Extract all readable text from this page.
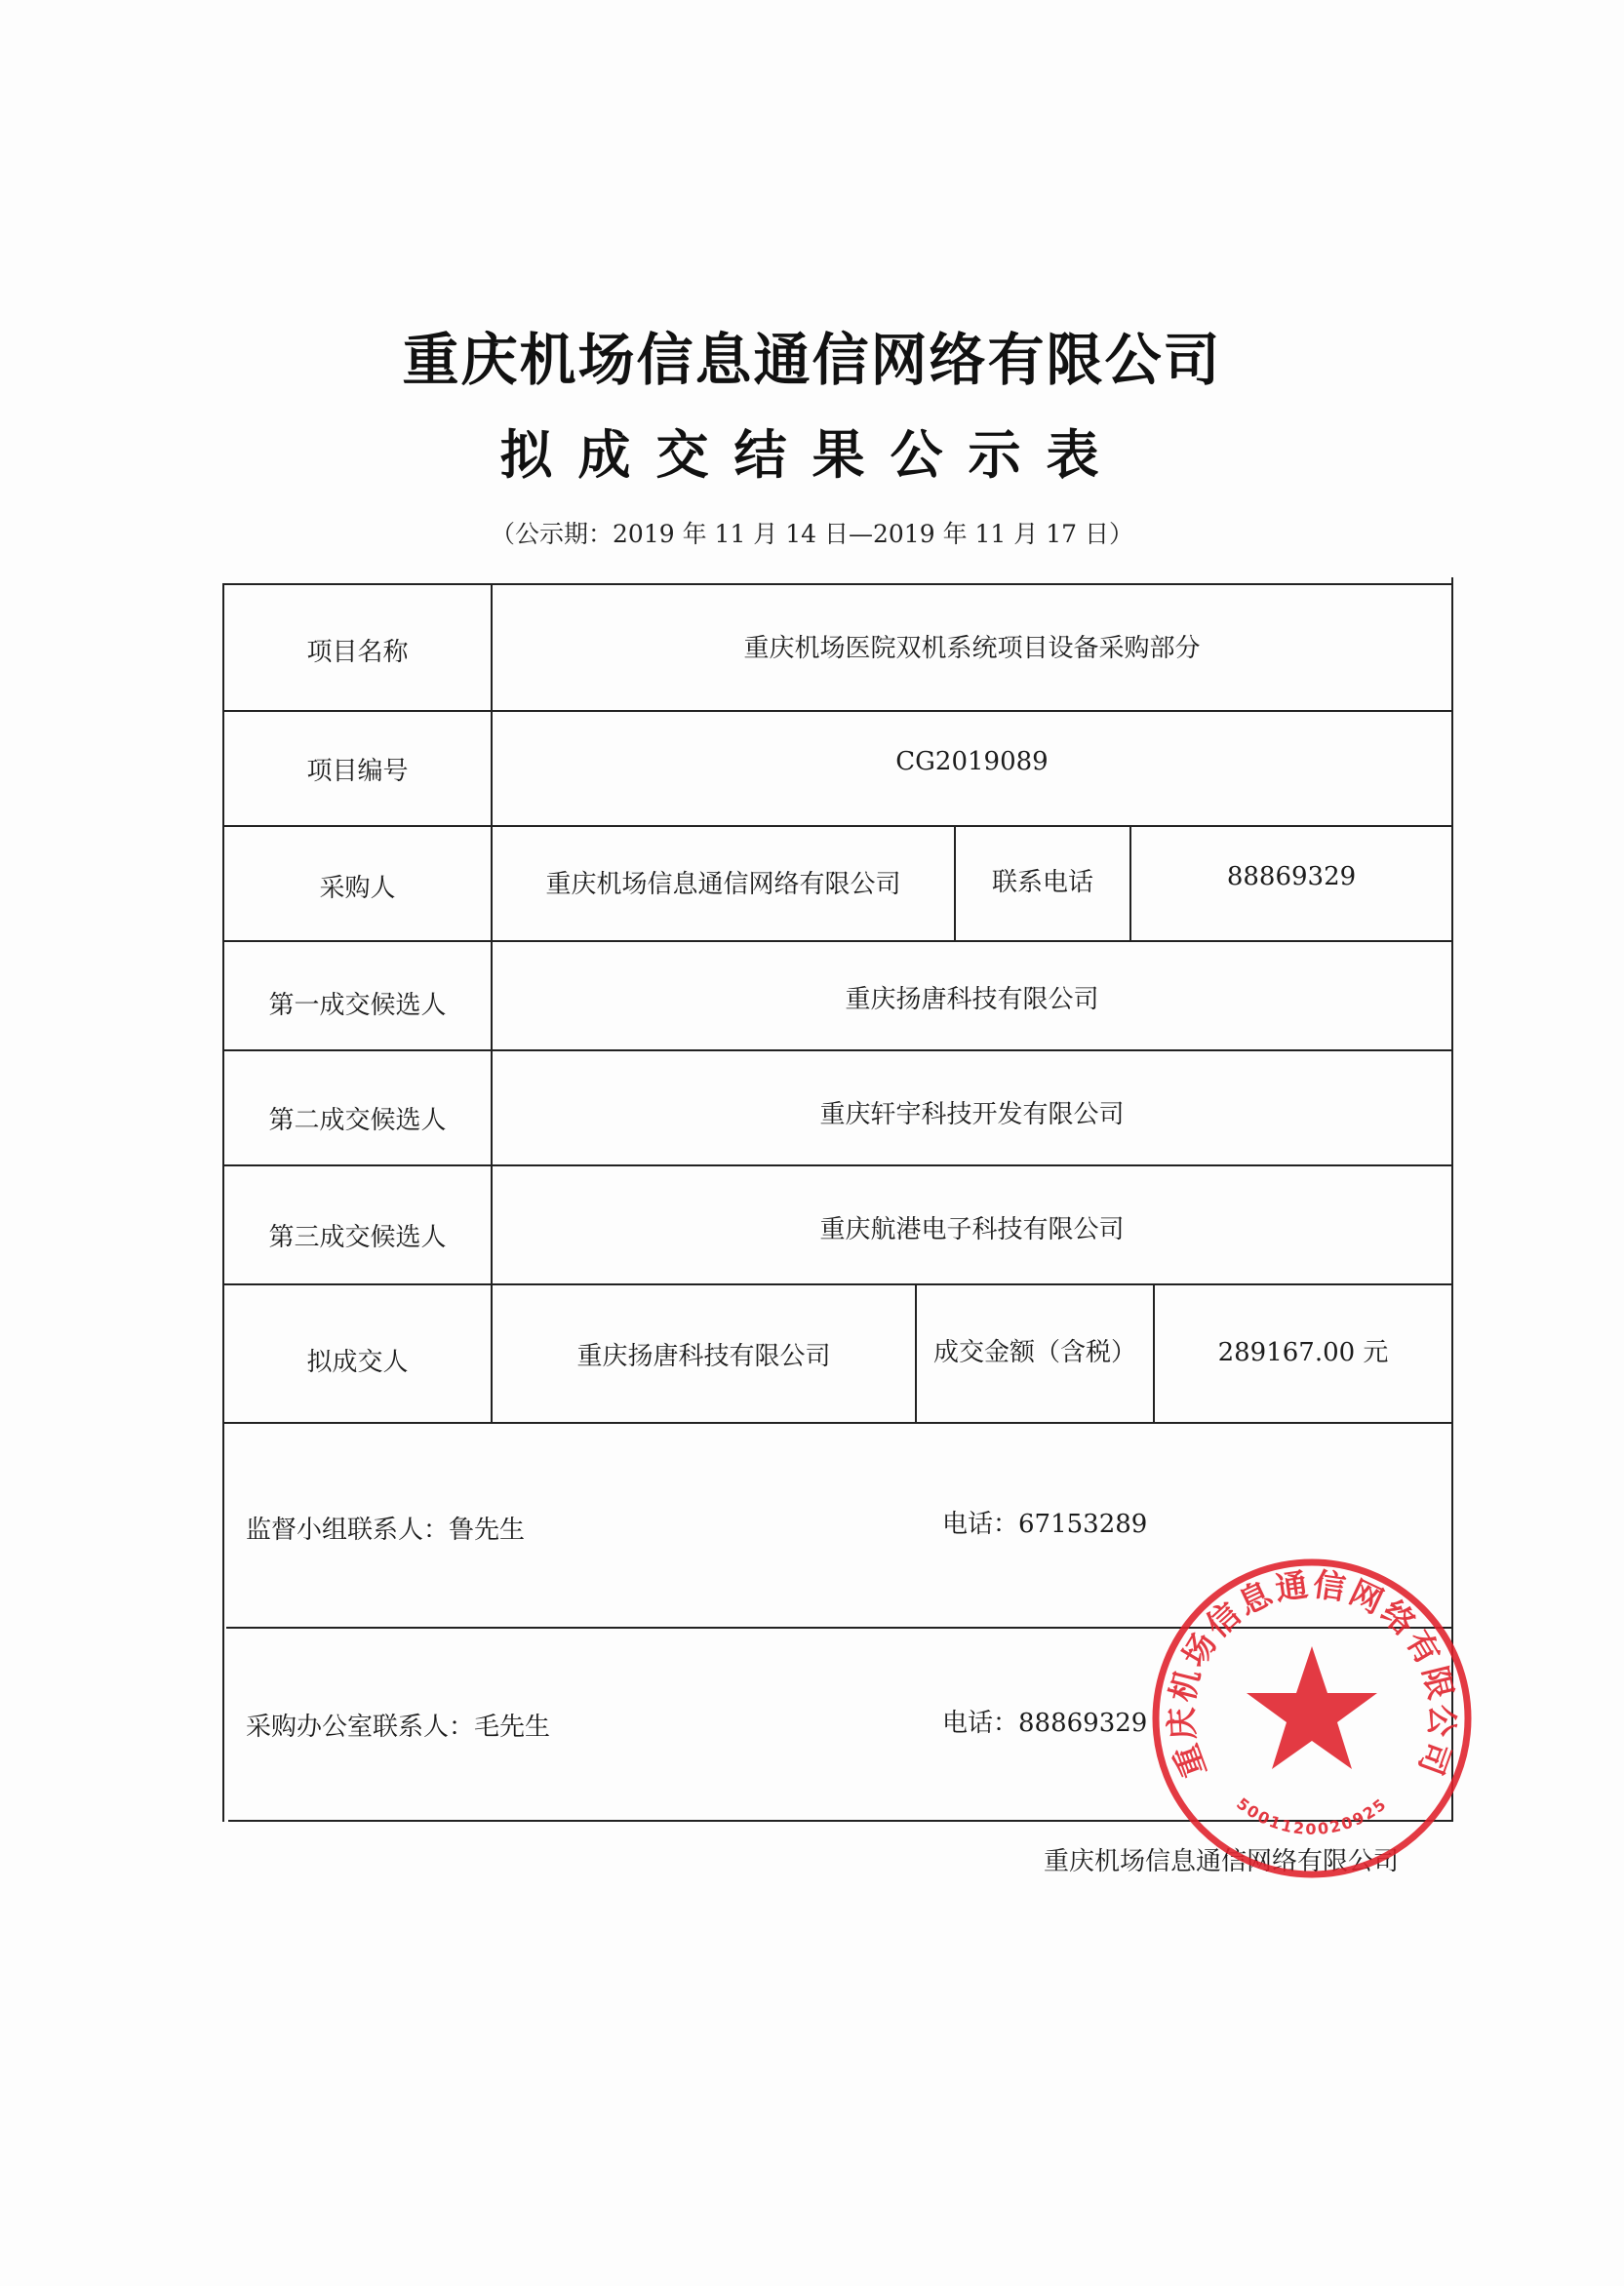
重庆机场信息通信网络有限公司
拟成交结果公示表
（公示期：2019 年 11 月 14 日—2019 年 11 月 17 日）
项目名称	重庆机场医院双机系统项目设备采购部分
项目编号	CG2019089
采购人	重庆机场信息通信网络有限公司	联系电话	88869329
第一成交候选人	重庆扬唐科技有限公司
第二成交候选人	重庆轩宇科技开发有限公司
第三成交候选人	重庆航港电子科技有限公司
拟成交人	重庆扬唐科技有限公司	成交金额（含税）	289167.00 元
监督小组联系人：鲁先生	电话：67153289
采购办公室联系人：毛先生	电话：88869329
重庆机场信息通信网络有限公司
重庆机场信息通信网络有限公司
5001120020925
